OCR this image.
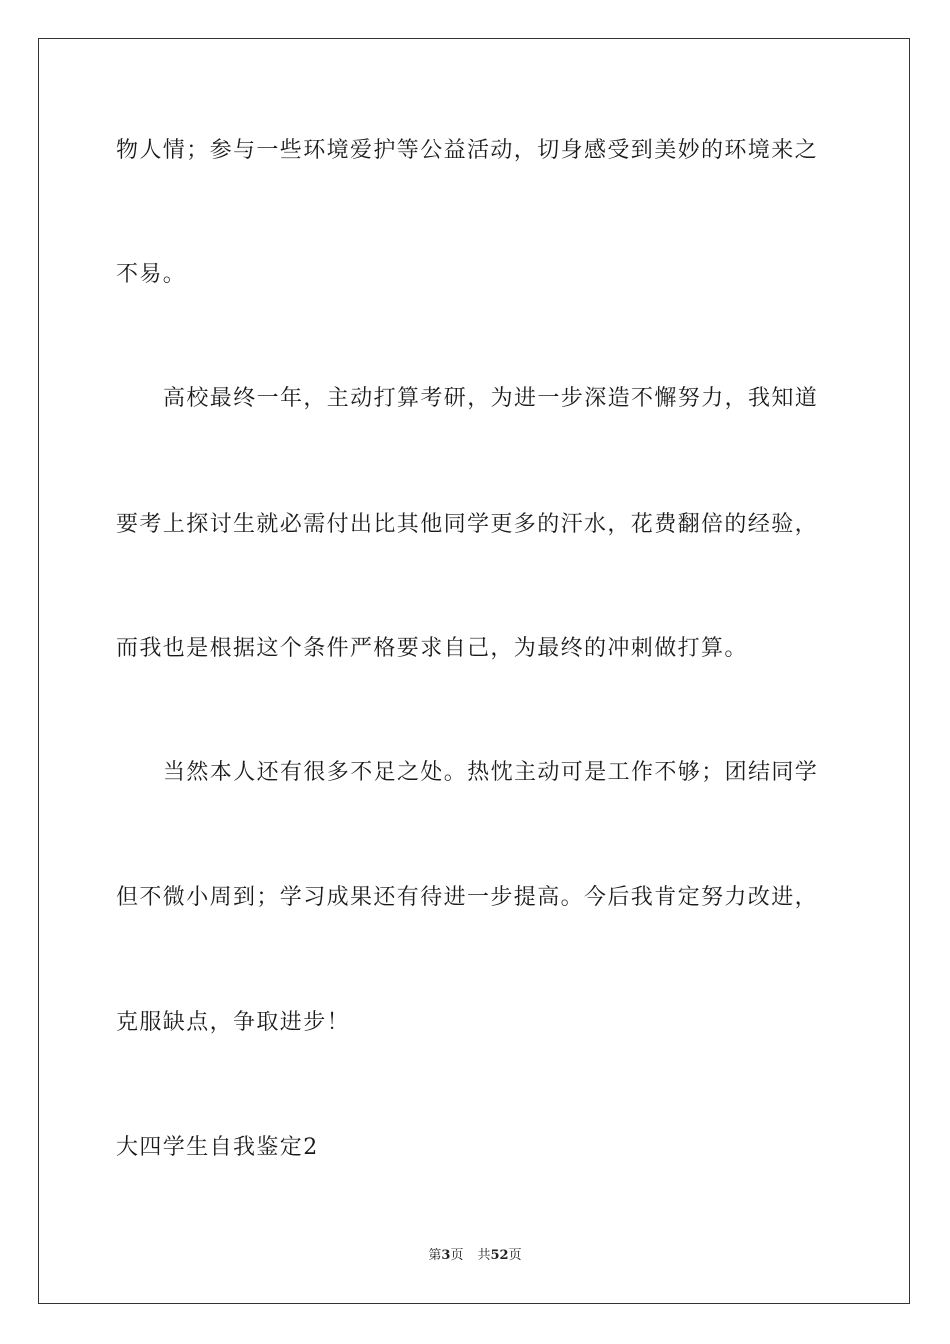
物人情；参与一些环境爱护等公益活动，切身感受到美妙的环境来之
不易。
高校最终一年，主动打算考研，为进一步深造不懈努力，我知道
要考上探讨生就必需付出比其他同学更多的汗水，花费翻倍的经验，
而我也是根据这个条件严格要求自己，为最终的冲刺做打算。
当然本人还有很多不足之处。热忱主动可是工作不够；团结同学
但不微小周到；学习成果还有待进一步提高。今后我肯定努力改进，
克服缺点，争取进步！
大四学生自我鉴定2
第3页 共52页
